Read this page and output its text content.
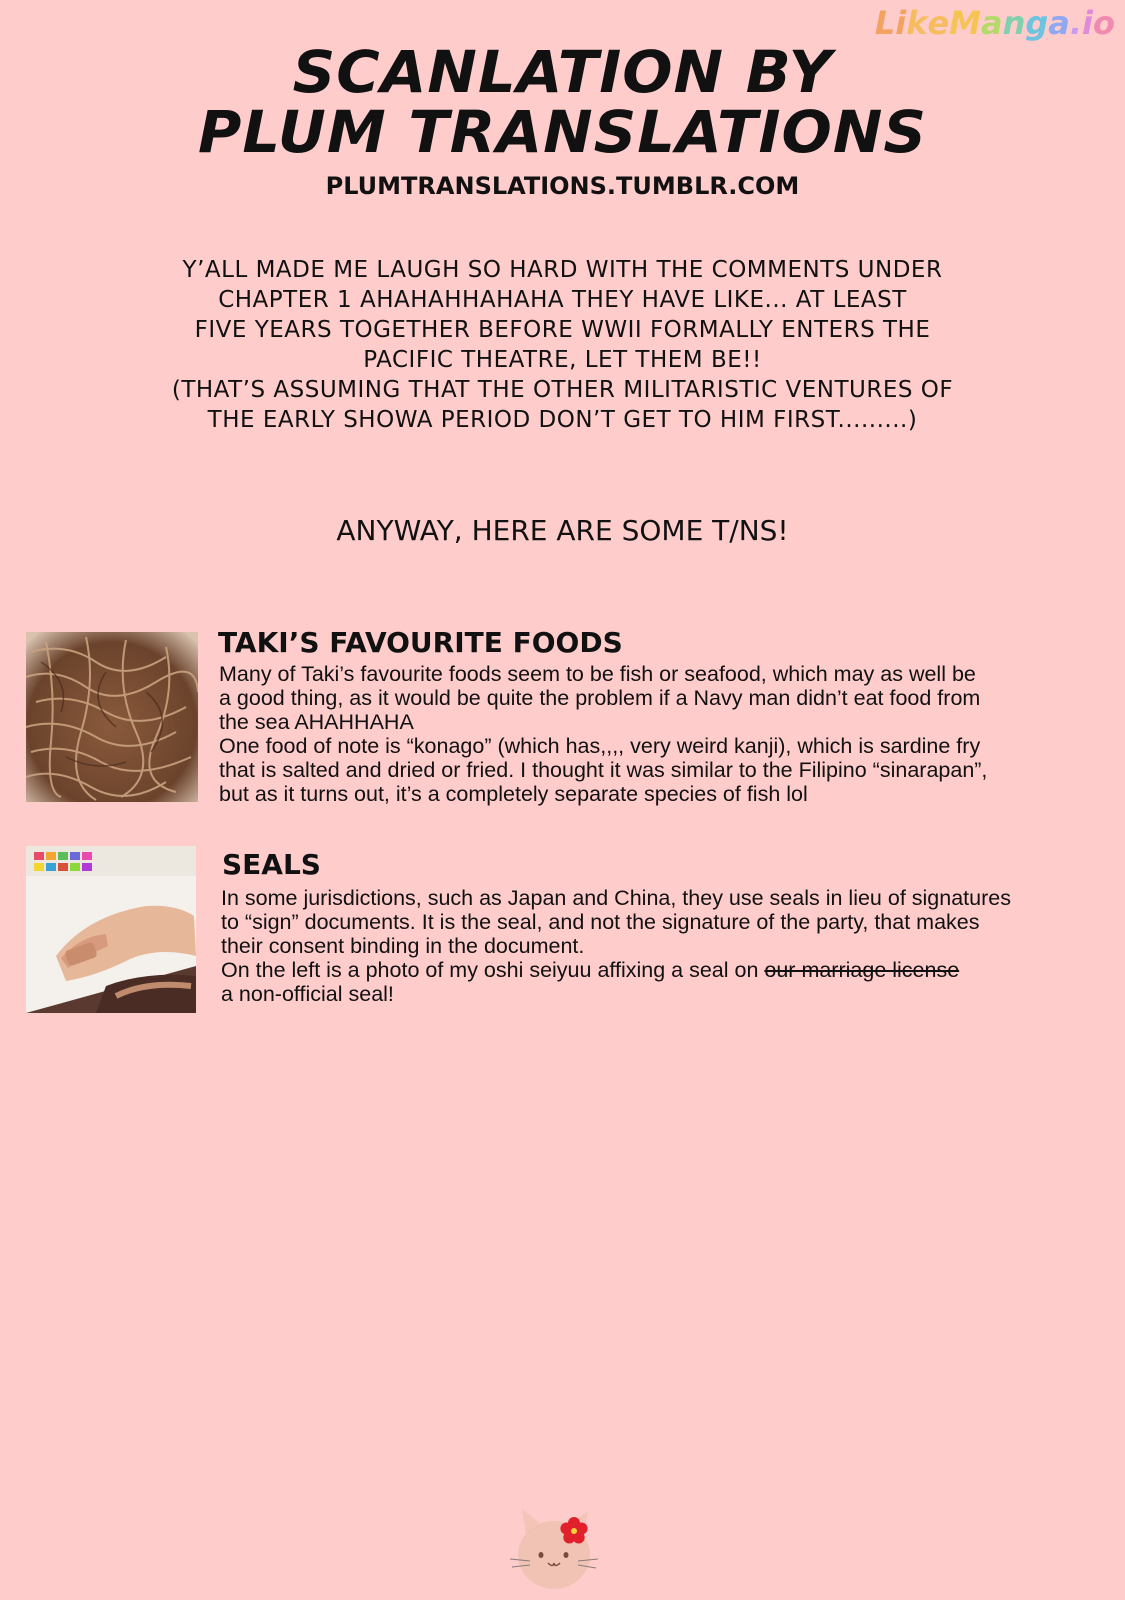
LikeManga.io
SCANLATION BY
PLUM TRANSLATIONS
PLUMTRANSLATIONS.TUMBLR.COM
Y’ALL MADE ME LAUGH SO HARD WITH THE COMMENTS UNDER
CHAPTER 1 AHAHAHHAHAHA THEY HAVE LIKE... AT LEAST
FIVE YEARS TOGETHER BEFORE WWII FORMALLY ENTERS THE
PACIFIC THEATRE, LET THEM BE!!
(THAT’S ASSUMING THAT THE OTHER MILITARISTIC VENTURES OF
THE EARLY SHOWA PERIOD DON’T GET TO HIM FIRST.........)
ANYWAY, HERE ARE SOME T/NS!
TAKI’S FAVOURITE FOODS
Many of Taki’s favourite foods seem to be fish or seafood, which may as well be
a good thing, as it would be quite the problem if a Navy man didn’t eat food from
the sea AHAHHAHA
One food of note is “konago” (which has,,,, very weird kanji), which is sardine fry
that is salted and dried or fried. I thought it was similar to the Filipino “sinarapan”,
but as it turns out, it’s a completely separate species of fish lol
SEALS
In some jurisdictions, such as Japan and China, they use seals in lieu of signatures
to “sign” documents. It is the seal, and not the signature of the party, that makes
their consent binding in the document.
On the left is a photo of my oshi seiyuu affixing a seal on our marriage license
a non-official seal!
